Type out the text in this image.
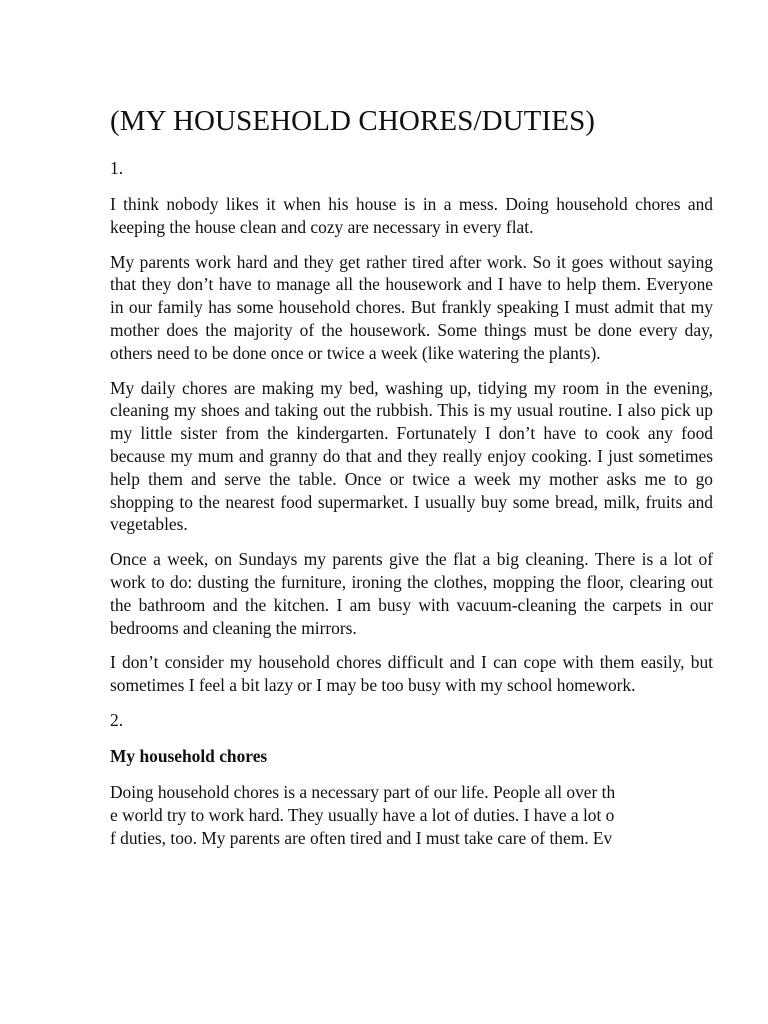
(MY HOUSEHOLD CHORES/DUTIES)

1.

I think nobody likes it when his house is in a mess. Doing household chores and keeping the house clean and cozy are necessary in every flat.

My parents work hard and they get rather tired after work. So it goes without saying that they don’t have to manage all the housework and I have to help them. Everyone in our family has some household chores. But frankly speaking I must admit that my mother does the majority of the housework. Some things must be done every day, others need to be done once or twice a week (like watering the plants).

My daily chores are making my bed, washing up, tidying my room in the evening, cleaning my shoes and taking out the rubbish. This is my usual routine. I also pick up my little sister from the kindergarten. Fortunately I don’t have to cook any food because my mum and granny do that and they really enjoy cooking. I just sometimes help them and serve the table. Once or twice a week my mother asks me to go shopping to the nearest food supermarket. I usually buy some bread, milk, fruits and vegetables.

Once a week, on Sundays my parents give the flat a big cleaning. There is a lot of work to do: dusting the furniture, ironing the clothes, mopping the floor, clearing out the bathroom and the kitchen. I am busy with vacuum-cleaning the carpets in our bedrooms and cleaning the mirrors.

I don’t consider my household chores difficult and I can cope with them easily, but sometimes I feel a bit lazy or I may be too busy with my school homework.

2.

My household chores

Doing household chores is a necessary part of our life. People all over th
e world try to work hard. They usually have a lot of duties. I have a lot o
f duties, too. My parents are often tired and I must take care of them. Ev
